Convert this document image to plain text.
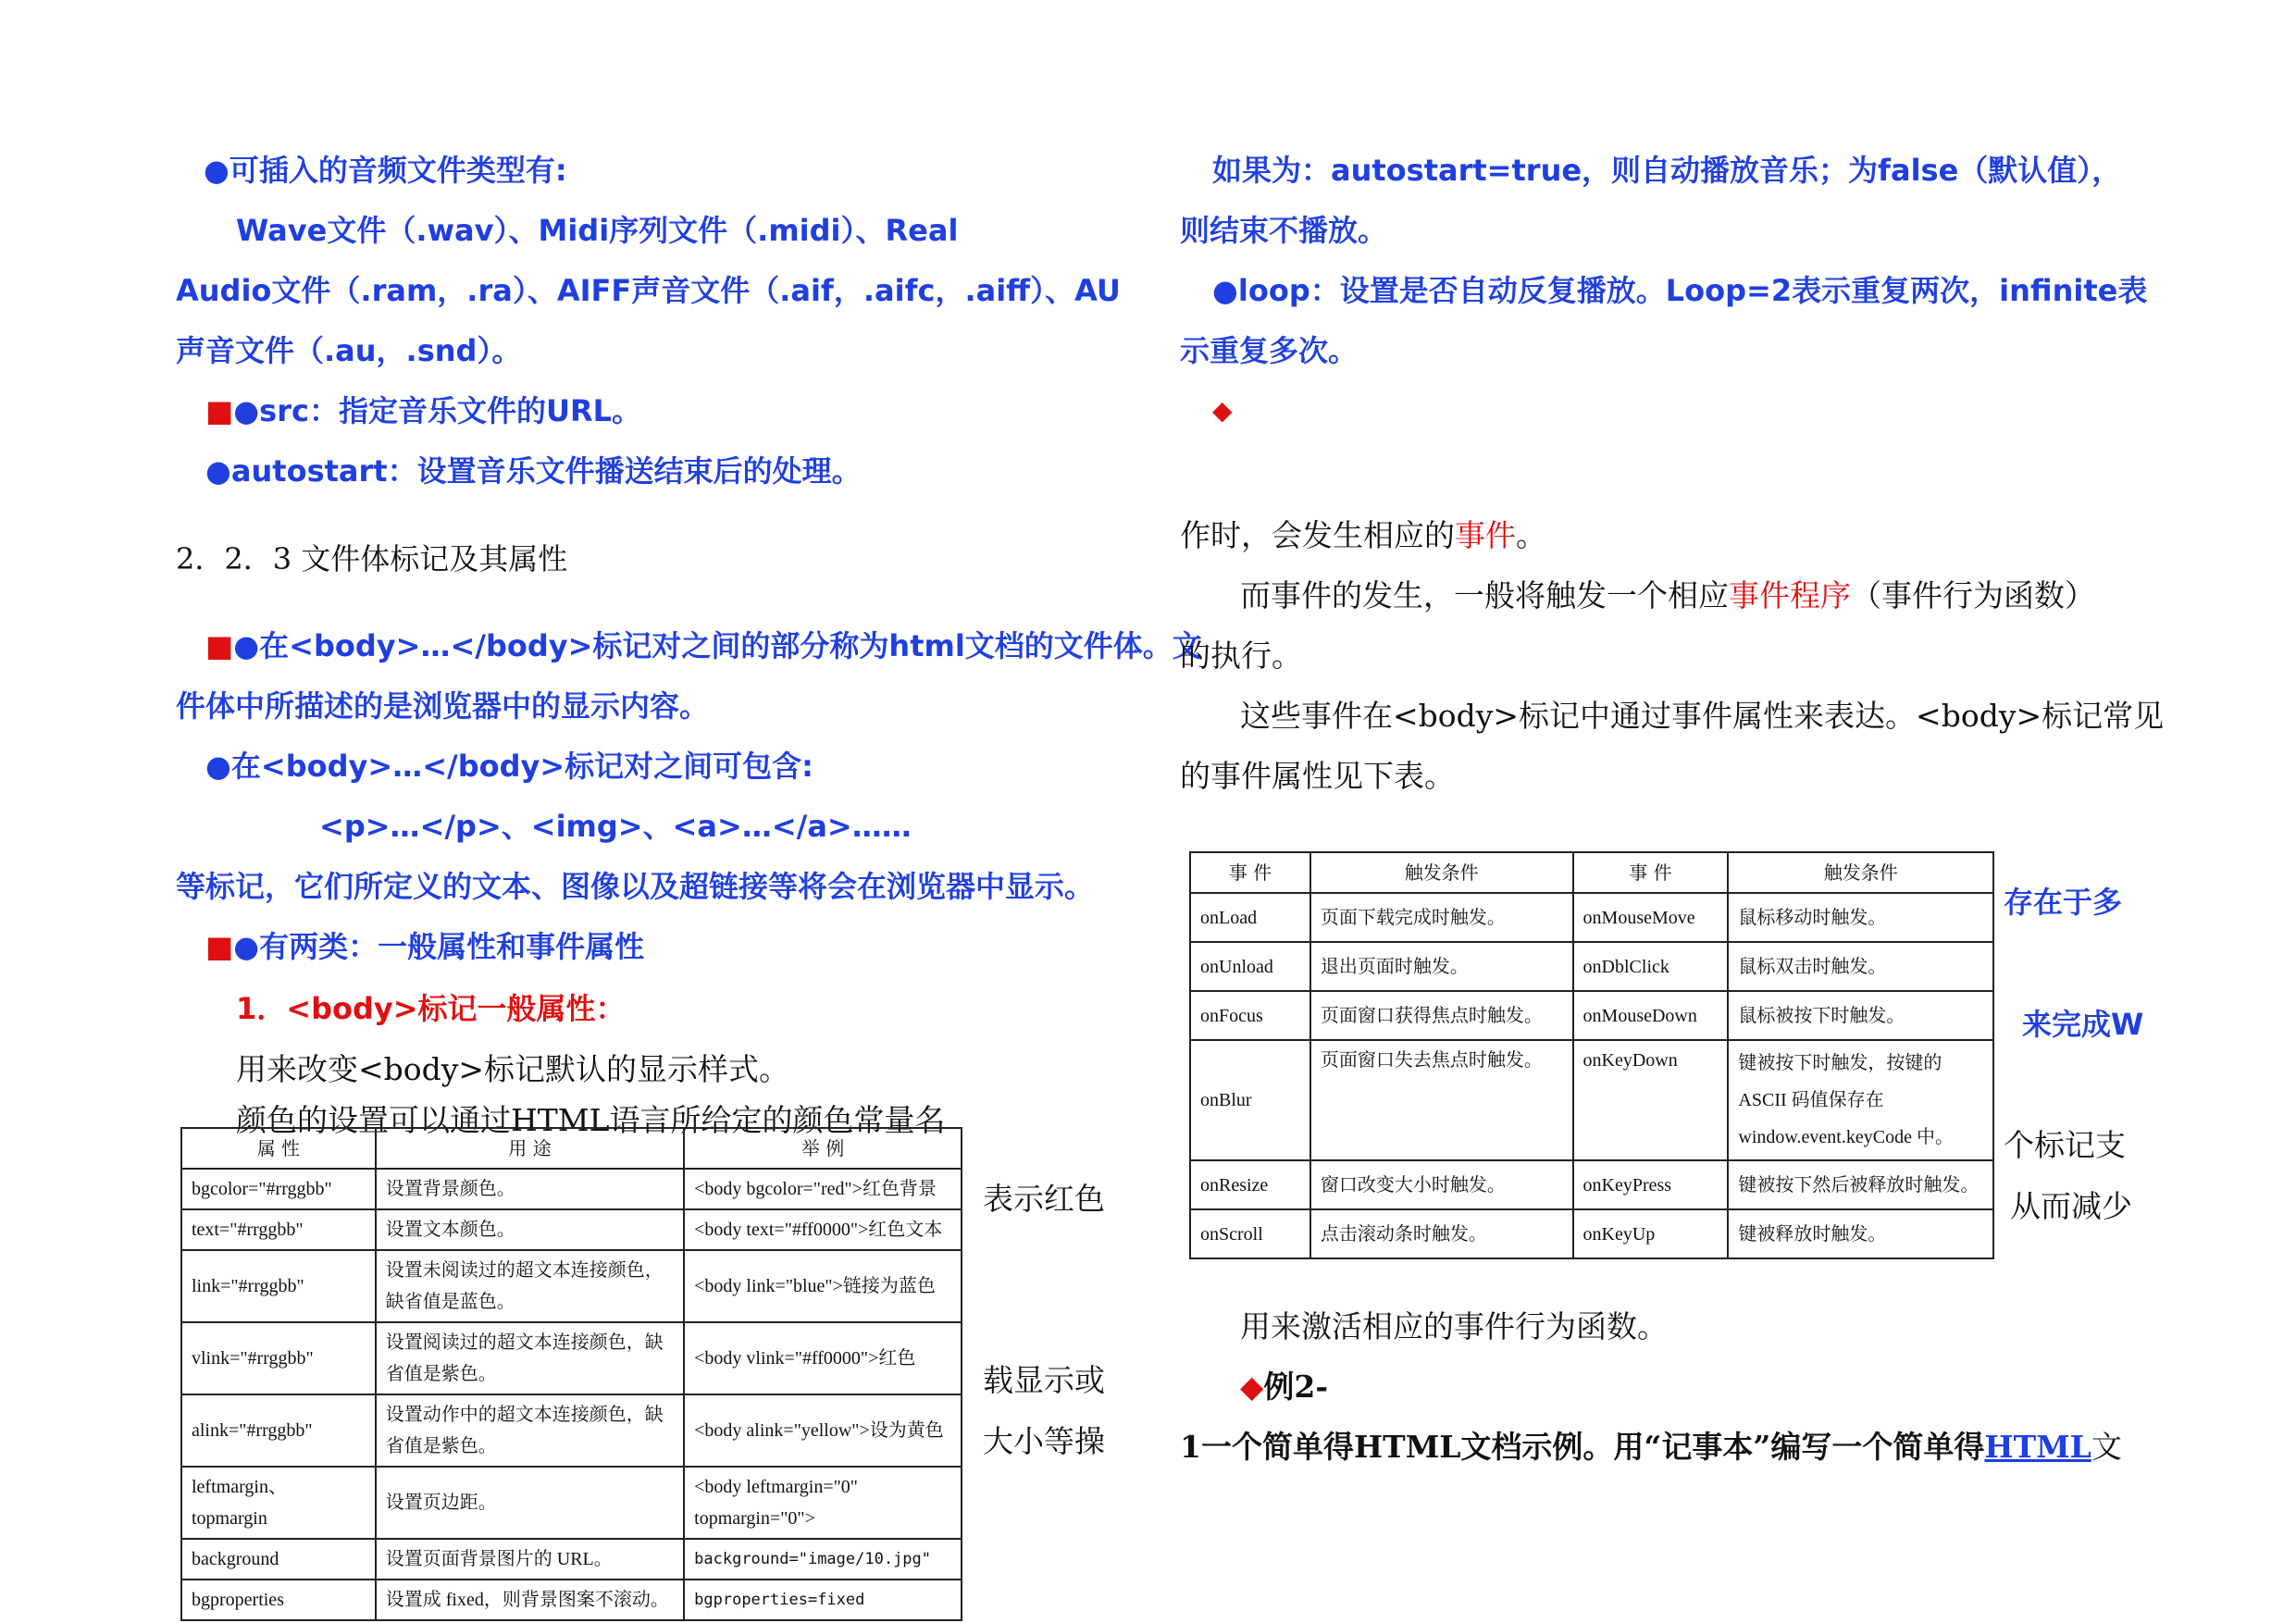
●可插入的音频文件类型有:
Wave文件（.wav）、Midi序列文件（.midi）、Real
Audio文件（.ram，.ra）、AIFF声音文件（.aif，.aifc，.aiff）、AU
声音文件（.au，.snd）。
■●src：指定音乐文件的URL。
●autostart：设置音乐文件播送结束后的处理。
2．2．3 文件体标记及其属性
■●在<body>…</body>标记对之间的部分称为html文档的文件体。文
件体中所描述的是浏览器中的显示内容。
●在<body>…</body>标记对之间可包含:
<p>…</p>、<img>、<a>…</a>……
等标记，它们所定义的文本、图像以及超链接等将会在浏览器中显示。
■●有两类：一般属性和事件属性
1．<body>标记一般属性：
用来改变<body>标记默认的显示样式。
颜色的设置可以通过HTML语言所给定的颜色常量名
属 性	用 途	举 例
bgcolor="#rrggbb"	设置背景颜色。	<body bgcolor="red">红色背景
text="#rrggbb"	设置文本颜色。	<body text="#ff0000">红色文本
link="#rrggbb"	设置未阅读过的超文本连接颜色，缺省值是蓝色。	<body link="blue">链接为蓝色
vlink="#rrggbb"	设置阅读过的超文本连接颜色，缺省值是紫色。	<body vlink="#ff0000">红色
alink="#rrggbb"	设置动作中的超文本连接颜色，缺省值是紫色。	<body alink="yellow">设为黄色
leftmargin、 topmargin	设置页边距。	<body leftmargin="0" topmargin="0">
background	设置页面背景图片的 URL。	background="image/10.jpg"
bgproperties	设置成 fixed，则背景图案不滚动。	bgproperties=fixed
表示红色
载显示或
大小等操
如果为：autostart=true，则自动播放音乐；为false（默认值），
则结束不播放。
●loop：设置是否自动反复播放。Loop=2表示重复两次，infinite表
示重复多次。
◆
作时，会发生相应的事件。
而事件的发生，一般将触发一个相应事件程序（事件行为函数）
的执行。
这些事件在<body>标记中通过事件属性来表达。<body>标记常见
的事件属性见下表。
事 件	触发条件	事 件	触发条件
onLoad	页面下载完成时触发。	onMouseMove	鼠标移动时触发。
onUnload	退出页面时触发。	onDblClick	鼠标双击时触发。
onFocus	页面窗口获得焦点时触发。	onMouseDown	鼠标被按下时触发。
onBlur	页面窗口失去焦点时触发。	onKeyDown	键被按下时触发，按键的ASCII 码值保存在window.event.keyCode 中。
onResize	窗口改变大小时触发。	onKeyPress	键被按下然后被释放时触发。
onScroll	点击滚动条时触发。	onKeyUp	键被释放时触发。
存在于多
来完成W
个标记支
从而减少
用来激活相应的事件行为函数。
◆例2-
1一个简单得HTML文档示例。用“记事本”编写一个简单得HTML文
